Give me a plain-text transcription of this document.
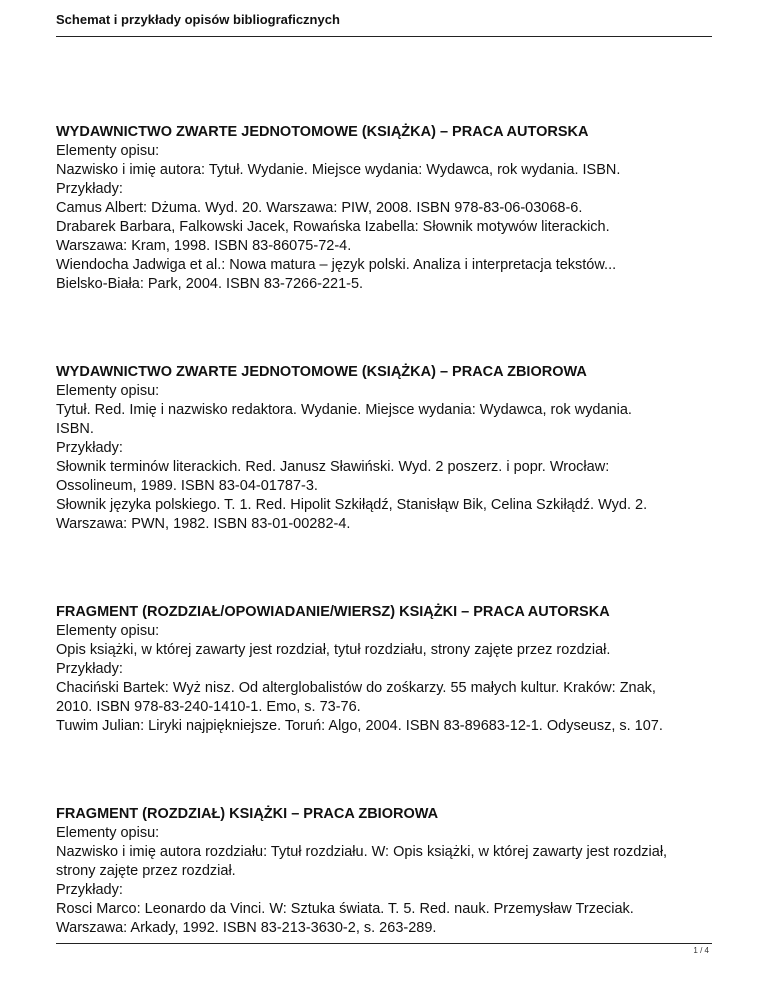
Schemat i przykłady opisów bibliograficznych
WYDAWNICTWO ZWARTE JEDNOTOMOWE (KSIĄŻKA) – PRACA AUTORSKA
Elementy opisu:
Nazwisko i imię autora: Tytuł. Wydanie. Miejsce wydania: Wydawca, rok wydania. ISBN.
Przykłady:
Camus Albert: Dżuma. Wyd. 20. Warszawa: PIW, 2008. ISBN 978-83-06-03068-6.
Drabarek Barbara, Falkowski Jacek, Rowańska Izabella: Słownik motywów literackich.
Warszawa: Kram, 1998. ISBN 83-86075-72-4.
Wiendocha Jadwiga et al.: Nowa matura – język polski. Analiza i interpretacja tekstów...
Bielsko-Biała: Park, 2004. ISBN 83-7266-221-5.
WYDAWNICTWO ZWARTE JEDNOTOMOWE (KSIĄŻKA) – PRACA ZBIOROWA
Elementy opisu:
Tytuł. Red. Imię i nazwisko redaktora. Wydanie. Miejsce wydania: Wydawca, rok wydania.
ISBN.
Przykłady:
Słownik terminów literackich. Red. Janusz Sławiński. Wyd. 2 poszerz. i popr. Wrocław:
Ossolineum, 1989. ISBN 83-04-01787-3.
Słownik języka polskiego. T. 1. Red. Hipolit Szkiłądź, Stanisłąw Bik, Celina Szkiłądź. Wyd. 2.
Warszawa: PWN, 1982. ISBN 83-01-00282-4.
FRAGMENT (ROZDZIAŁ/OPOWIADANIE/WIERSZ) KSIĄŻKI – PRACA AUTORSKA
Elementy opisu:
Opis książki, w której zawarty jest rozdział, tytuł rozdziału, strony zajęte przez rozdział.
Przykłady:
Chaciński Bartek: Wyż nisz. Od alterglobalistów do zośkarzy. 55 małych kultur. Kraków: Znak,
2010. ISBN 978-83-240-1410-1. Emo, s. 73-76.
Tuwim Julian: Liryki najpiękniejsze. Toruń: Algo, 2004. ISBN 83-89683-12-1. Odyseusz, s. 107.
FRAGMENT (ROZDZIAŁ) KSIĄŻKI – PRACA ZBIOROWA
Elementy opisu:
Nazwisko i imię autora rozdziału: Tytuł rozdziału. W: Opis książki, w której zawarty jest rozdział,
strony zajęte przez rozdział.
Przykłady:
Rosci Marco: Leonardo da Vinci. W: Sztuka świata. T. 5. Red. nauk. Przemysław Trzeciak.
Warszawa: Arkady, 1992. ISBN 83-213-3630-2, s. 263-289.
1 / 4
